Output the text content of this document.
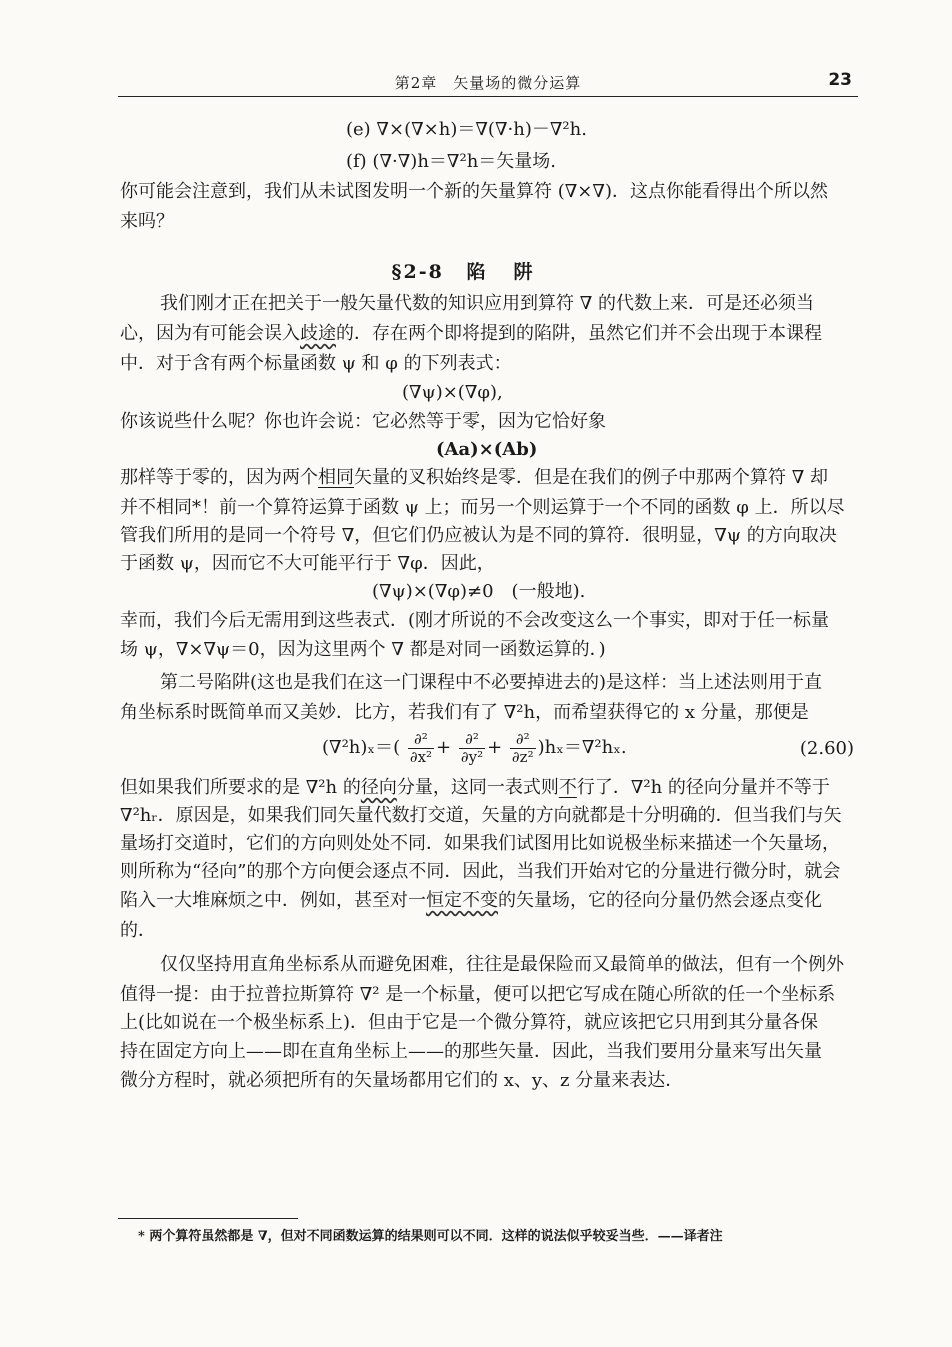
第2章　矢量场的微分运算	23
(e) ∇×(∇×h)＝∇(∇·h)－∇²h.
(f) (∇·∇)h＝∇²h＝矢量场.
你可能会注意到，我们从未试图发明一个新的矢量算符 (∇×∇)．这点你能看得出个所以然
来吗？
§2-8 陷阱
我们刚才正在把关于一般矢量代数的知识应用到算符 ∇ 的代数上来．可是还必须当
心，因为有可能会误入歧途的．存在两个即将提到的陷阱，虽然它们并不会出现于本课程
中．对于含有两个标量函数 ψ 和 φ 的下列表式：
(∇ψ)×(∇φ),
你该说些什么呢？你也许会说：它必然等于零，因为它恰好象
(Aa)×(Ab)
那样等于零的，因为两个相同矢量的叉积始终是零．但是在我们的例子中那两个算符 ∇ 却
并不相同*！前一个算符运算于函数 ψ 上；而另一个则运算于一个不同的函数 φ 上．所以尽
管我们所用的是同一个符号 ∇，但它们仍应被认为是不同的算符．很明显，∇ψ 的方向取决
于函数 ψ，因而它不大可能平行于 ∇φ．因此，
(∇ψ)×(∇φ)≠0　(一般地).
幸而，我们今后无需用到这些表式．(刚才所说的不会改变这么一个事实，即对于任一标量
场 ψ，∇×∇ψ＝0，因为这里两个 ∇ 都是对同一函数运算的．)
第二号陷阱(这也是我们在这一门课程中不必要掉进去的)是这样：当上述法则用于直
角坐标系时既简单而又美妙．比方，若我们有了 ∇²h，而希望获得它的 x 分量，那便是
$(\nabla^2h)_x=( \frac{\text{∂²}}{\text{∂x²}} + \frac{\text{∂²}}{\text{∂y²}} + \frac{\text{∂²}}{\text{∂z²}} )h_x=\nabla^2h_x$.	(2.60)
但如果我们所要求的是 ∇²h 的径向分量，这同一表式则不行了．∇²h 的径向分量并不等于
∇²hᵣ．原因是，如果我们同矢量代数打交道，矢量的方向就都是十分明确的．但当我们与矢
量场打交道时，它们的方向则处处不同．如果我们试图用比如说极坐标来描述一个矢量场，
则所称为“径向”的那个方向便会逐点不同．因此，当我们开始对它的分量进行微分时，就会
陷入一大堆麻烦之中．例如，甚至对一恒定不变的矢量场，它的径向分量仍然会逐点变化
的．
仅仅坚持用直角坐标系从而避免困难，往往是最保险而又最简单的做法，但有一个例外
值得一提：由于拉普拉斯算符 ∇² 是一个标量，便可以把它写成在随心所欲的任一个坐标系
上(比如说在一个极坐标系上)．但由于它是一个微分算符，就应该把它只用到其分量各保
持在固定方向上——即在直角坐标上——的那些矢量．因此，当我们要用分量来写出矢量
微分方程时，就必须把所有的矢量场都用它们的 x、y、z 分量来表达．
* 两个算符虽然都是 ∇，但对不同函数运算的结果则可以不同．这样的说法似乎较妥当些．——译者注
